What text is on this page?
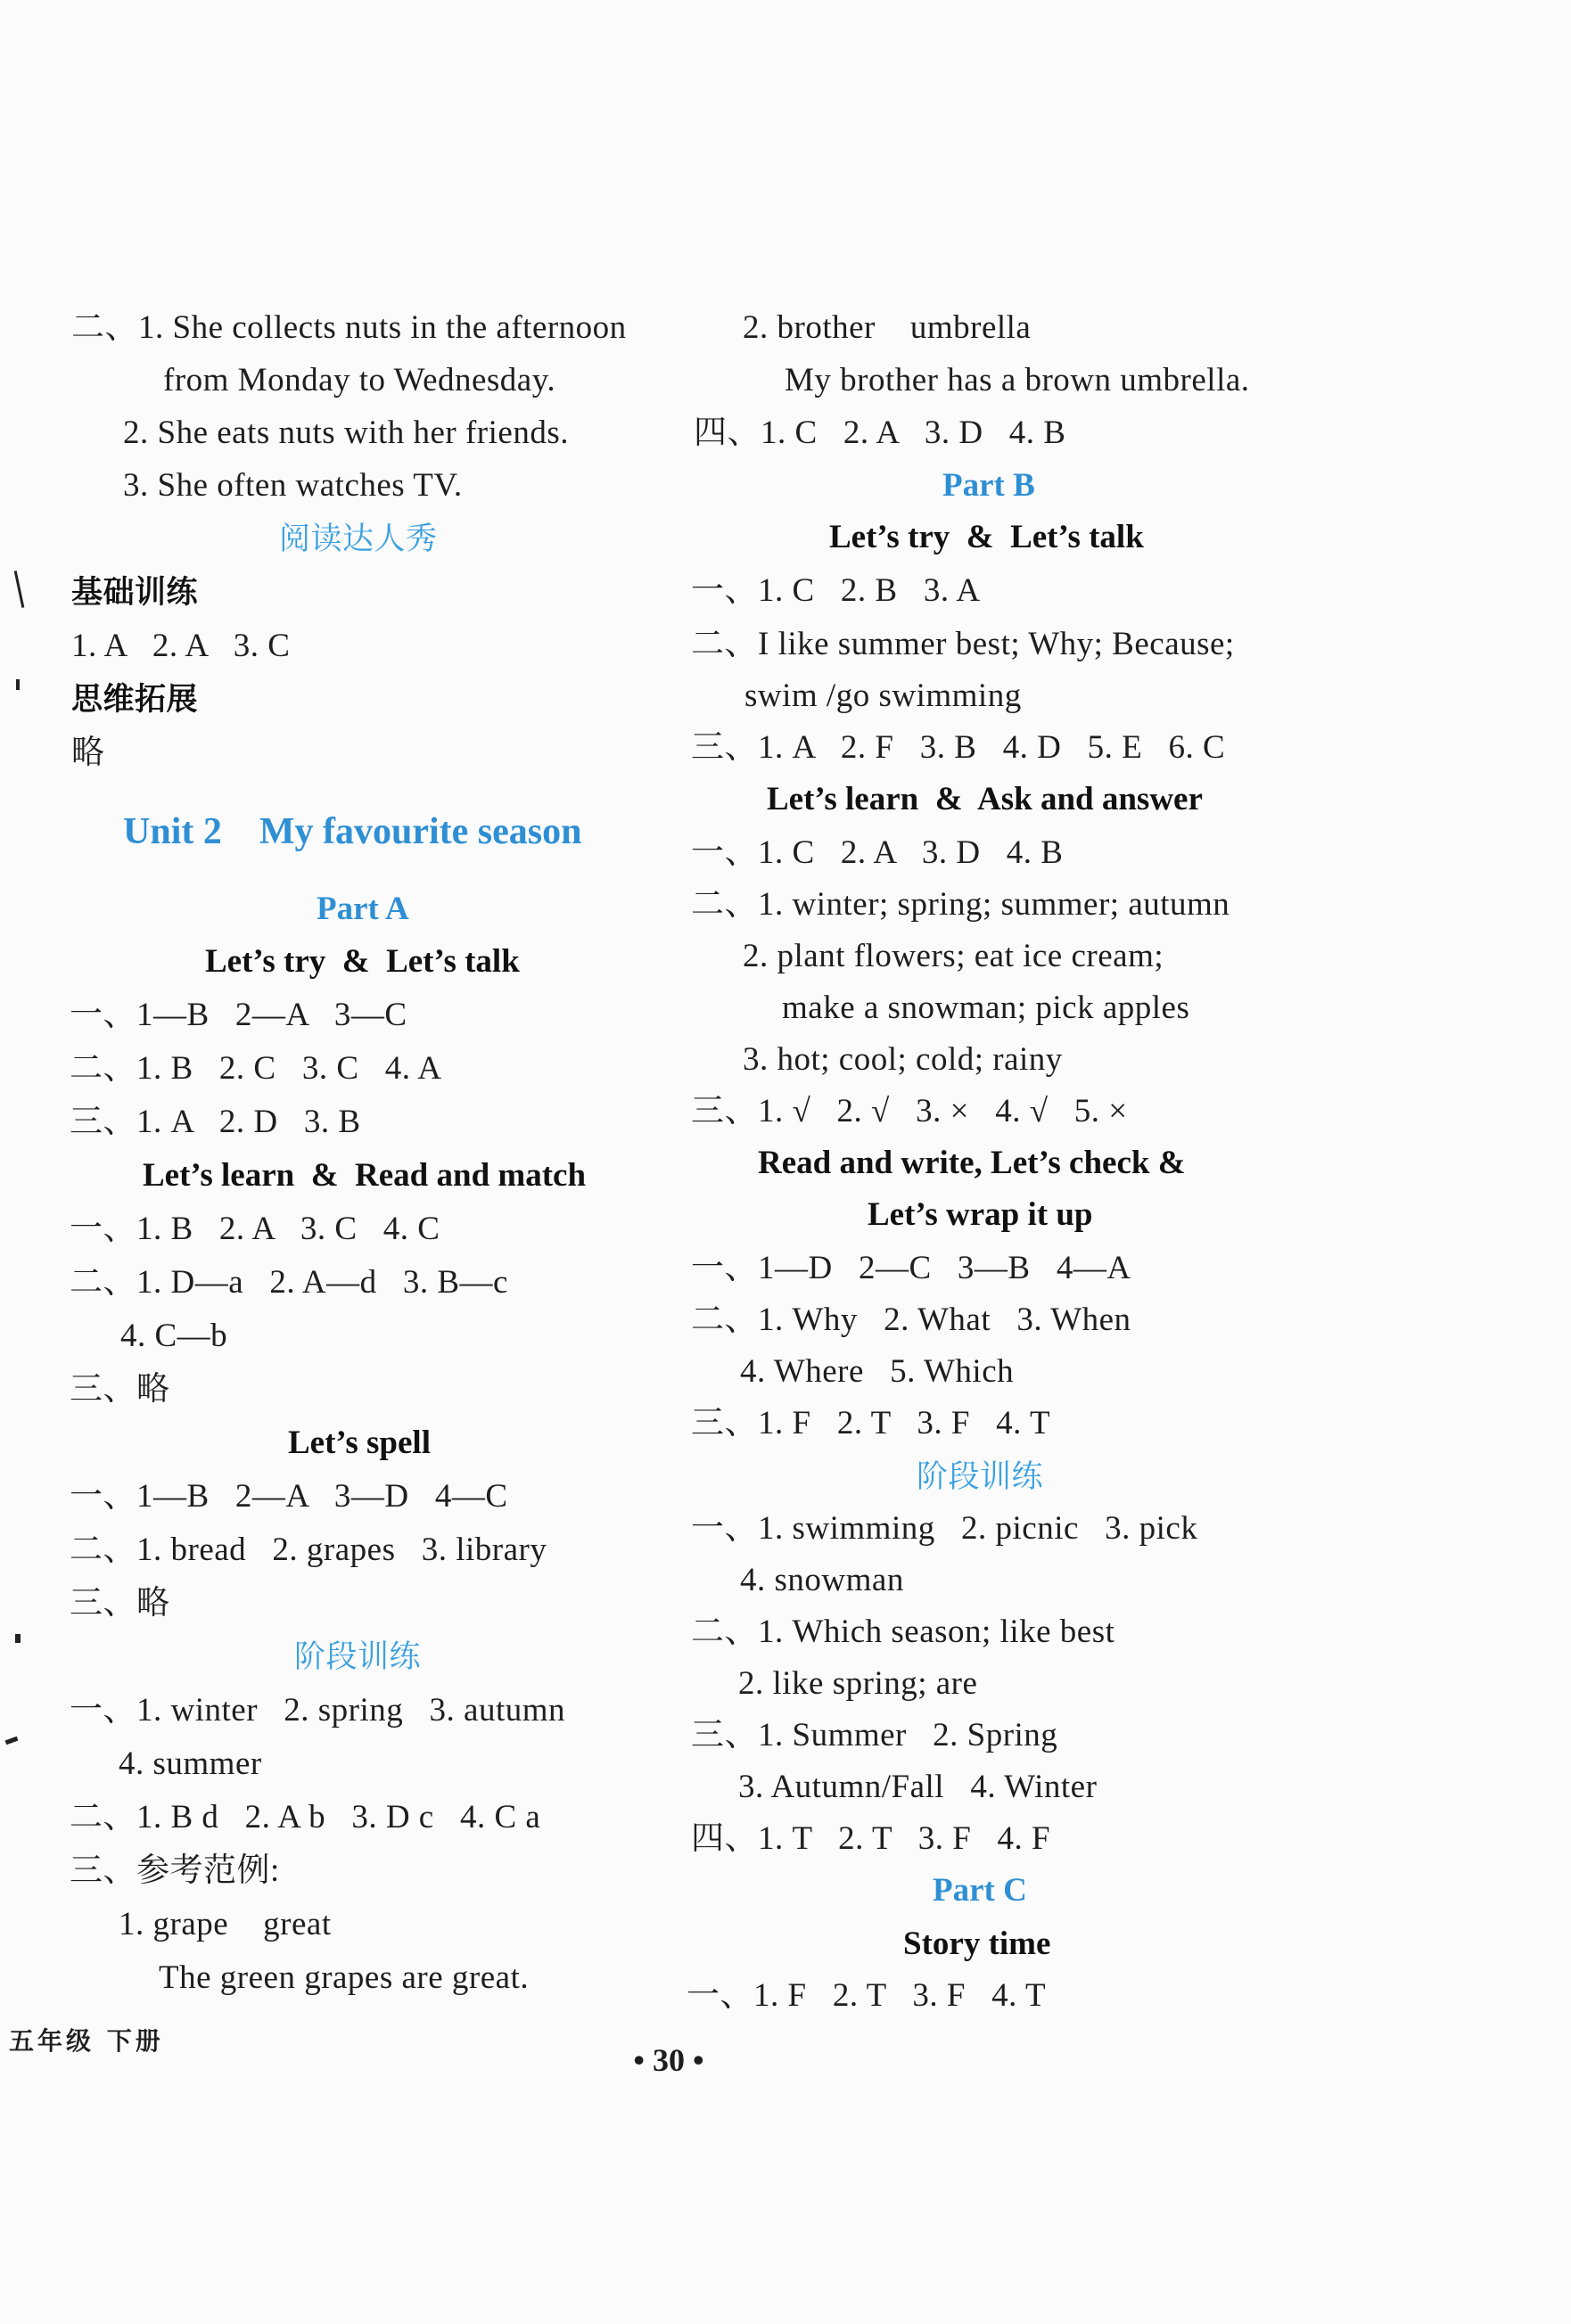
二、1. She collects nuts in the afternoon
from Monday to Wednesday.
2. She eats nuts with her friends.
3. She often watches TV.
阅读达人秀
基础训练
1. A   2. A   3. C
思维拓展
略
Unit 2    My favourite season
Part A
Let’s try  &  Let’s talk
一、1—B   2—A   3—C
二、1. B   2. C   3. C   4. A
三、1. A   2. D   3. B
Let’s learn  &  Read and match
一、1. B   2. A   3. C   4. C
二、1. D—a   2. A—d   3. B—c
4. C—b
三、略
Let’s spell
一、1—B   2—A   3—D   4—C
二、1. bread   2. grapes   3. library
三、略
阶段训练
一、1. winter   2. spring   3. autumn
4. summer
二、1. B d   2. A b   3. D c   4. C a
三、参考范例:
1. grape    great
The green grapes are great.
2. brother    umbrella
My brother has a brown umbrella.
四、1. C   2. A   3. D   4. B
Part B
Let’s try  &  Let’s talk
一、1. C   2. B   3. A
二、I like summer best; Why; Because;
swim /go swimming
三、1. A   2. F   3. B   4. D   5. E   6. C
Let’s learn  &  Ask and answer
一、1. C   2. A   3. D   4. B
二、1. winter; spring; summer; autumn
2. plant flowers; eat ice cream;
make a snowman; pick apples
3. hot; cool; cold; rainy
三、1. √   2. √   3. ×   4. √   5. ×
Read and write, Let’s check &
Let’s wrap it up
一、1—D   2—C   3—B   4—A
二、1. Why   2. What   3. When
4. Where   5. Which
三、1. F   2. T   3. F   4. T
阶段训练
一、1. swimming   2. picnic   3. pick
4. snowman
二、1. Which season; like best
2. like spring; are
三、1. Summer   2. Spring
3. Autumn/Fall   4. Winter
四、1. T   2. T   3. F   4. F
Part C
Story time
一、1. F   2. T   3. F   4. T
• 30 •
五年级 下册
